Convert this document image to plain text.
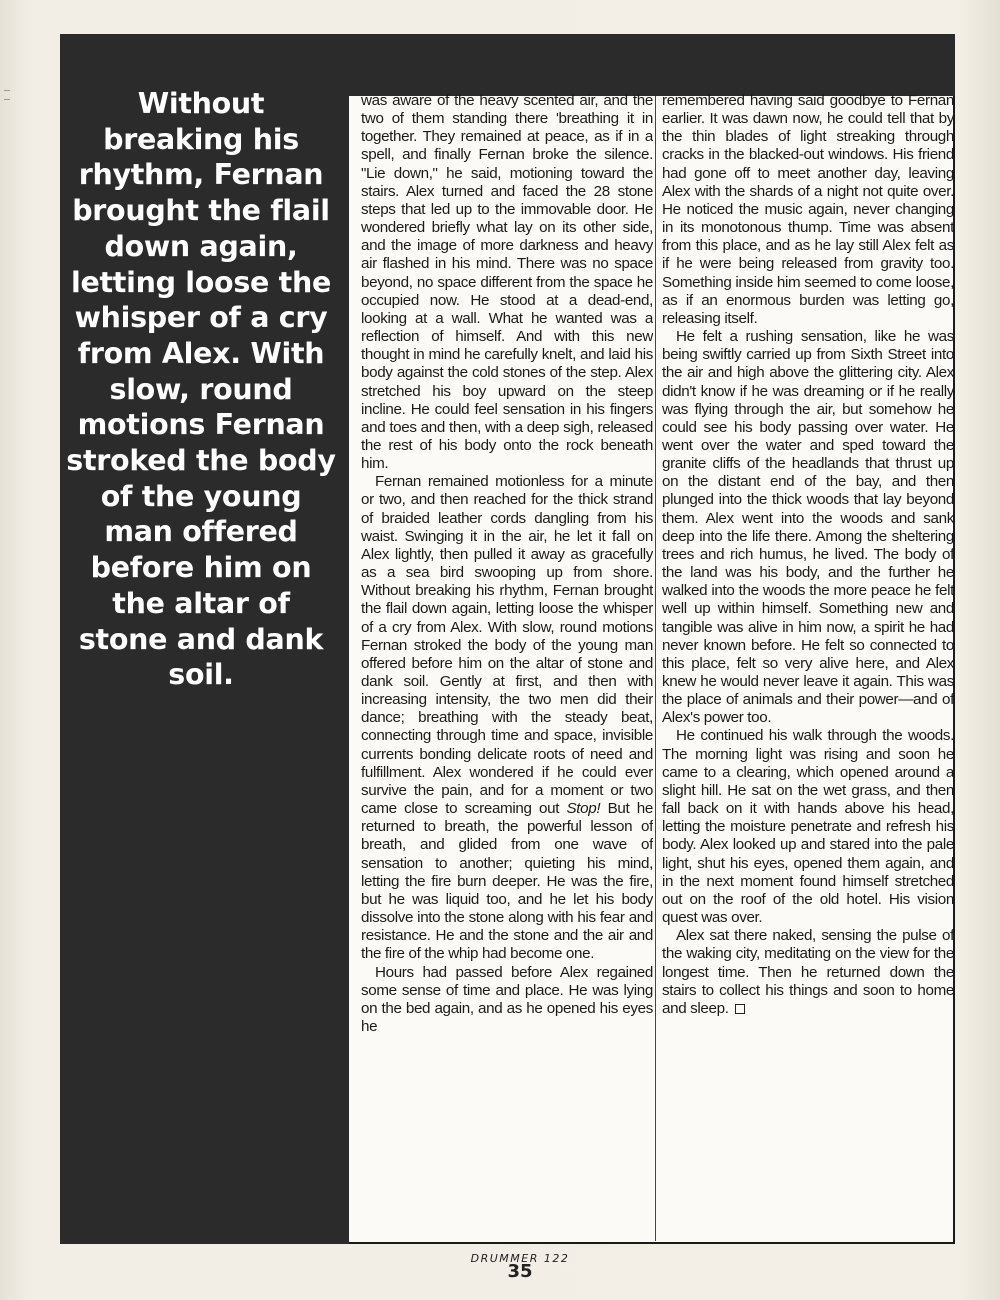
Without breaking his rhythm, Fernan brought the flail down again, letting loose the whisper of a cry from Alex. With slow, round motions Fernan stroked the body of the young man offered before him on the altar of stone and dank soil.

was aware of the heavy scented air, and the two of them standing there 'breathing it in together. They remained at peace, as if in a spell, and finally Fernan broke the silence. "Lie down," he said, motioning toward the stairs. Alex turned and faced the 28 stone steps that led up to the immovable door. He wondered briefly what lay on its other side, and the image of more darkness and heavy air flashed in his mind. There was no space beyond, no space different from the space he occupied now. He stood at a dead-end, looking at a wall. What he wanted was a reflection of himself. And with this new thought in mind he carefully knelt, and laid his body against the cold stones of the step. Alex stretched his boy upward on the steep incline. He could feel sensation in his fingers and toes and then, with a deep sigh, released the rest of his body onto the rock beneath him.

Fernan remained motionless for a minute or two, and then reached for the thick strand of braided leather cords dangling from his waist. Swinging it in the air, he let it fall on Alex lightly, then pulled it away as gracefully as a sea bird swooping up from shore. Without breaking his rhythm, Fernan brought the flail down again, letting loose the whisper of a cry from Alex. With slow, round motions Fernan stroked the body of the young man offered before him on the altar of stone and dank soil. Gently at first, and then with increasing intensity, the two men did their dance; breathing with the steady beat, connecting through time and space, invisible currents bonding delicate roots of need and fulfillment. Alex wondered if he could ever survive the pain, and for a moment or two came close to screaming out Stop! But he returned to breath, the powerful lesson of breath, and glided from one wave of sensation to another; quieting his mind, letting the fire burn deeper. He was the fire, but he was liquid too, and he let his body dissolve into the stone along with his fear and resistance. He and the stone and the air and the fire of the whip had become one.

Hours had passed before Alex regained some sense of time and place. He was lying on the bed again, and as he opened his eyes he

remembered having said goodbye to Fernan earlier. It was dawn now, he could tell that by the thin blades of light streaking through cracks in the blacked-out windows. His friend had gone off to meet another day, leaving Alex with the shards of a night not quite over. He noticed the music again, never changing in its monotonous thump. Time was absent from this place, and as he lay still Alex felt as if he were being released from gravity too. Something inside him seemed to come loose, as if an enormous burden was letting go, releasing itself.

He felt a rushing sensation, like he was being swiftly carried up from Sixth Street into the air and high above the glittering city. Alex didn't know if he was dreaming or if he really was flying through the air, but somehow he could see his body passing over water. He went over the water and sped toward the granite cliffs of the headlands that thrust up on the distant end of the bay, and then plunged into the thick woods that lay beyond them. Alex went into the woods and sank deep into the life there. Among the sheltering trees and rich humus, he lived. The body of the land was his body, and the further he walked into the woods the more peace he felt well up within himself. Something new and tangible was alive in him now, a spirit he had never known before. He felt so connected to this place, felt so very alive here, and Alex knew he would never leave it again. This was the place of animals and their power—and of Alex's power too.

He continued his walk through the woods. The morning light was rising and soon he came to a clearing, which opened around a slight hill. He sat on the wet grass, and then fall back on it with hands above his head, letting the moisture penetrate and refresh his body. Alex looked up and stared into the pale light, shut his eyes, opened them again, and in the next moment found himself stretched out on the roof of the old hotel. His vision quest was over.

Alex sat there naked, sensing the pulse of the waking city, meditating on the view for the longest time. Then he returned down the stairs to collect his things and soon to home and sleep.

DRUMMER 122
35
